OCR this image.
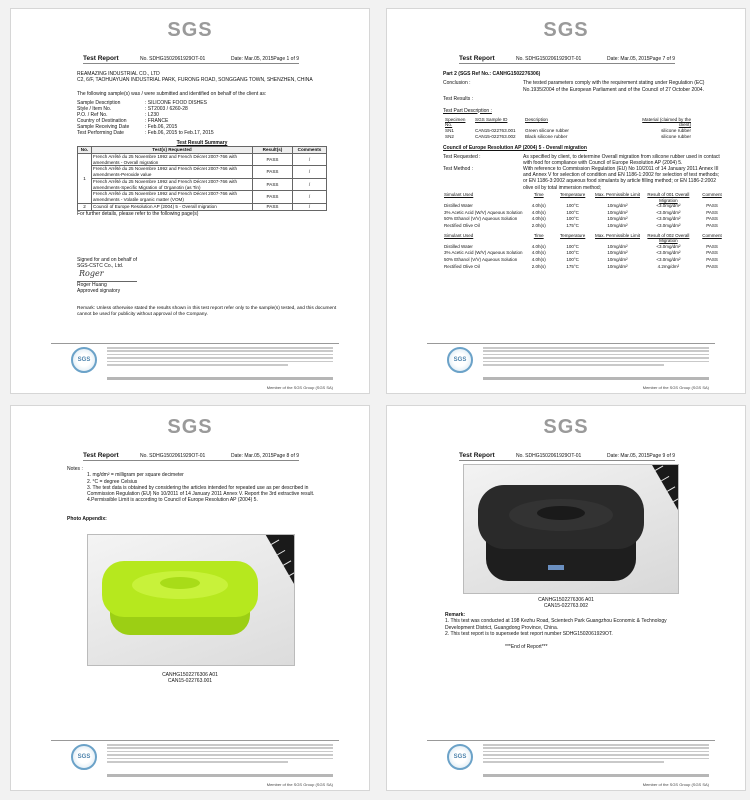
SGS
Test Report	No. SDHG1502061929OT-01	Date: Mar.05, 2015 Page 1 of 9
REAMAZING INDUSTRIAL CO., LTD
C2, 6/F, TAOHUAYUAN INDUSTRIAL PARK, FURONG ROAD, SONGGANG TOWN, SHENZHEN, CHINA
The following sample(s) was / were submitted and identified on behalf of the client as:
Sample Description	: SILICONE FOOD DISHES
Style / Item No.	: ST2003 / 6260-28
P.O. / Ref No.	: L230
Country of Destination	: FRANCE
Sample Receiving Date	: Feb.06, 2015
Test Performing Date	: Feb.06, 2015 to Feb.17, 2015
Test Result Summary
No.	Test(s) Requested	Result(s)	Comments
1	French Arrêté du 25 Novembre 1992 and French Décret 2007-766 with amendments - Overall migration	PASS	/
	French Arrêté du 25 Novembre 1992 and French Décret 2007-766 with amendments-Peroxide value	PASS	/
	French Arrêté du 25 Novembre 1992 and French Décret 2007-766 with amendments-Specific Migration of Organotin (as Tin)	PASS	/
	French Arrêté du 25 Novembre 1992 and French Décret 2007-766 with amendments - Volatile organic matter (VOM)	PASS	/
2	Council of Europe Resolution AP (2004) 5 - Overall migration	PASS	/
For further details, please refer to the following page(s)
Signed for and on behalf of
SGS-CSTC Co., Ltd.
Roger
Roger Huang
Approved signatory
Remark: Unless otherwise stated the results shown in this test report refer only to the sample(s) tested, and this document cannot be used for publicity without approval of the Company.
SGS
Member of the SGS Group (SGS SA)
SGS
Test Report	No. SDHG1502061929OT-01	Date: Mar.05, 2015 Page 7 of 9
Part 2 (SGS Ref No.: CANHG1502276306)
Conclusion :	The tested parameters comply with the requirement stating under Regulation (EC) No.1935/2004 of the European Parliament and of the Council of 27 October 2004.
Test Results :
Test Part Description :
Specimen No.	SGS Sample ID	Description	Material (claimed by the client)
SN1	CAN15-022763.001	Green silicone rubber	silicone rubber
SN2	CAN15-022763.002	Black silicone rubber	silicone rubber
Council of Europe Resolution AP (2004) 5 - Overall migration
Test Requested :	As specified by client, to determine Overall migration from silicone rubber used in contact with food for compliance with Council of Europe Resolution AP (2004) 5.
Test Method :	With reference to Commission Regulation (EU) No 10/2011 of 14 January 2011 Annex III and Annex V for selection of condition and EN 1186-1:2002 for selection of test methods; or EN 1186-3:2002 aqueous food simulants by article filling method; or EN 1186-2:2002 olive oil by total immersion method;
Simulant Used	Time	Temperature	Max. Permissible Limit	Result of 001 Overall Migration	Comment
Distilled Water	4.0h(s)	100°C	10mg/dm²	<3.0mg/dm²	PASS
3% Acetic Acid (W/V) Aqueous Solution	4.0h(s)	100°C	10mg/dm²	<3.0mg/dm²	PASS
50% Ethanol (V/V) Aqueous Solution	4.0h(s)	100°C	10mg/dm²	<3.0mg/dm²	PASS
Rectified Olive Oil	2.0h(s)	175°C	10mg/dm²	<3.0mg/dm²	PASS
Simulant Used	Time	Temperature	Max. Permissible Limit	Result of 002 Overall Migration	Comment
Distilled Water	4.0h(s)	100°C	10mg/dm²	<3.0mg/dm²	PASS
3% Acetic Acid (W/V) Aqueous Solution	4.0h(s)	100°C	10mg/dm²	<3.0mg/dm²	PASS
50% Ethanol (V/V) Aqueous Solution	4.0h(s)	100°C	10mg/dm²	<3.0mg/dm²	PASS
Rectified Olive Oil	2.0h(s)	175°C	10mg/dm²	4.2mg/dm²	PASS
SGS
Member of the SGS Group (SGS SA)
SGS
Test Report	No. SDHG1502061929OT-01	Date: Mar.05, 2015 Page 8 of 9
Notes :
1. mg/dm² = milligram per square decimeter
2. °C = degree Celsius
3. The test data is obtained by considering the articles intended for repeated use as per described in Commission Regulation (EU) No 10/2011 of 14 January 2011 Annex V. Report the 3rd extractive result.
4.Permissible Limit is according to Council of Europe Resolution AP (2004) 5.
Photo Appendix:
CANHG1502276306 A01
CAN15-022763.001
SGS
Member of the SGS Group (SGS SA)
SGS
Test Report	No. SDHG1502061929OT-01	Date: Mar.05, 2015 Page 9 of 9
CANHG1502276306 A01
CAN15-022763.002
Remark:
1. This test was conducted at 198 Kezhu Road, Scientech Park Guangzhou Economic & Technology Development District, Guangdong Province, China.
2. This test report is to supersede test report number SDHG1502061929OT.
***End of Report***
SGS
Member of the SGS Group (SGS SA)
